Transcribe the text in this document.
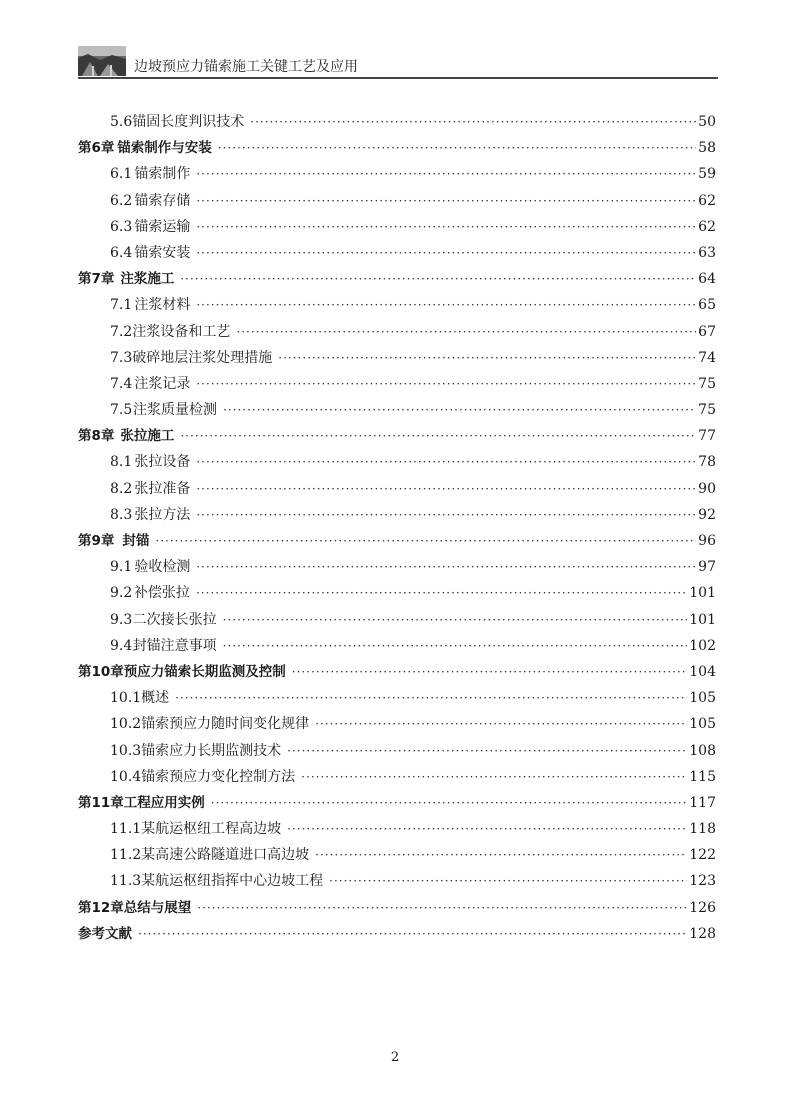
边坡预应力锚索施工关键工艺及应用
5.6 锚固长度判识技术 ·····	50
第6章 锚索制作与安装 ·····	58
6.1 锚索制作 ·····	59
6.2 锚索存储 ·····	62
6.3 锚索运输 ·····	62
6.4 锚索安装 ·····	63
第7章 注浆施工 ·····	64
7.1 注浆材料 ·····	65
7.2 注浆设备和工艺 ·····	67
7.3 破碎地层注浆处理措施 ·····	74
7.4 注浆记录 ·····	75
7.5 注浆质量检测 ·····	75
第8章 张拉施工 ·····	77
8.1 张拉设备 ·····	78
8.2 张拉准备 ·····	90
8.3 张拉方法 ·····	92
第9章 封锚 ·····	96
9.1 验收检测 ·····	97
9.2 补偿张拉 ·····	101
9.3 二次接长张拉 ·····	101
9.4 封锚注意事项 ·····	102
第10章 预应力锚索长期监测及控制 ·····	104
10.1 概述 ·····	105
10.2 锚索预应力随时间变化规律 ·····	105
10.3 锚索应力长期监测技术 ·····	108
10.4 锚索预应力变化控制方法 ·····	115
第11章 工程应用实例 ·····	117
11.1 某航运枢纽工程高边坡 ·····	118
11.2 某高速公路隧道进口高边坡 ·····	122
11.3 某航运枢纽指挥中心边坡工程 ·····	123
第12章 总结与展望 ·····	126
参考文献 ·····	128
2
